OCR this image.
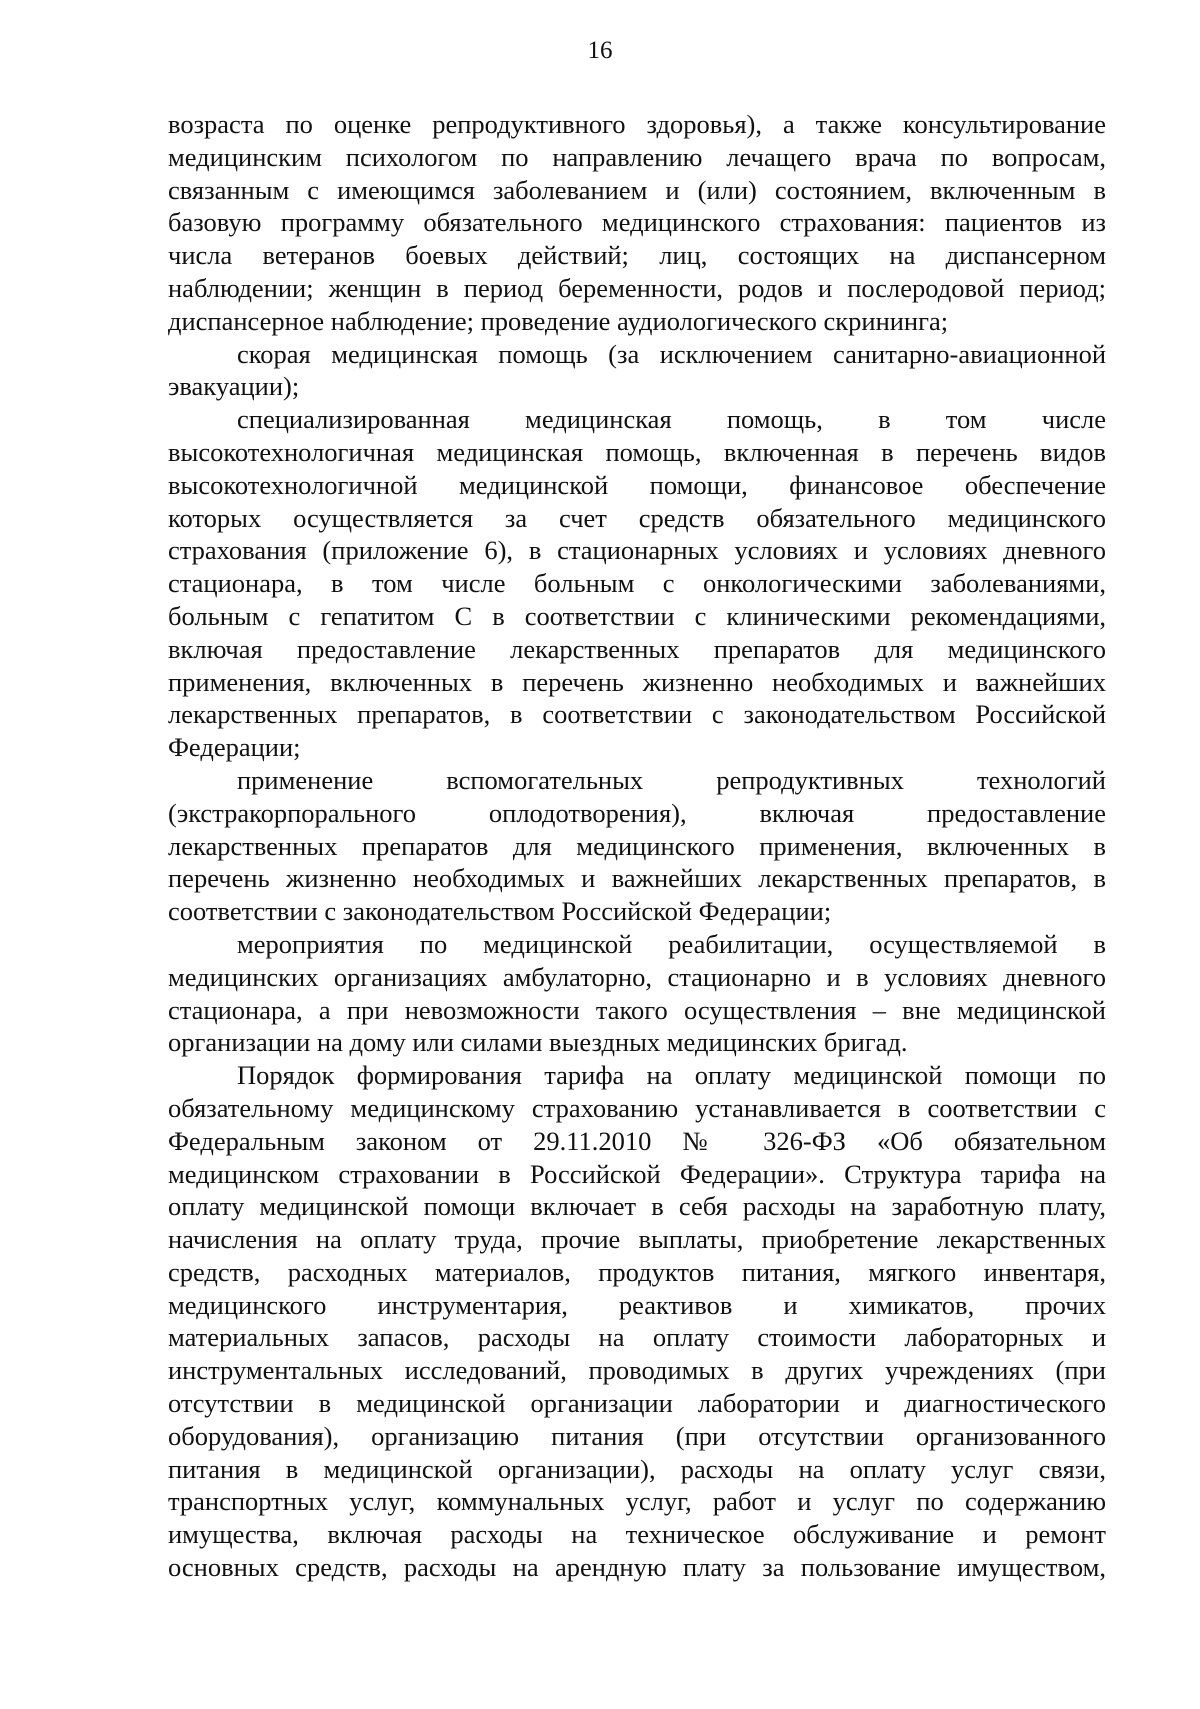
16
возраста по оценке репродуктивного здоровья), а также консультирование
медицинским психологом по направлению лечащего врача по вопросам,
связанным с имеющимся заболеванием и (или) состоянием, включенным в
базовую программу обязательного медицинского страхования: пациентов из
числа ветеранов боевых действий; лиц, состоящих на диспансерном
наблюдении; женщин в период беременности, родов и послеродовой период;
диспансерное наблюдение; проведение аудиологического скрининга;
скорая медицинская помощь (за исключением санитарно-авиационной
эвакуации);
специализированная медицинская помощь, в том числе
высокотехнологичная медицинская помощь, включенная в перечень видов
высокотехнологичной медицинской помощи, финансовое обеспечение
которых осуществляется за счет средств обязательного медицинского
страхования (приложение 6), в стационарных условиях и условиях дневного
стационара, в том числе больным с онкологическими заболеваниями,
больным с гепатитом С в соответствии с клиническими рекомендациями,
включая предоставление лекарственных препаратов для медицинского
применения, включенных в перечень жизненно необходимых и важнейших
лекарственных препаратов, в соответствии с законодательством Российской
Федерации;
применение вспомогательных репродуктивных технологий
(экстракорпорального оплодотворения), включая предоставление
лекарственных препаратов для медицинского применения, включенных в
перечень жизненно необходимых и важнейших лекарственных препаратов, в
соответствии с законодательством Российской Федерации;
мероприятия по медицинской реабилитации, осуществляемой в
медицинских организациях амбулаторно, стационарно и в условиях дневного
стационара, а при невозможности такого осуществления – вне медицинской
организации на дому или силами выездных медицинских бригад.
Порядок формирования тарифа на оплату медицинской помощи по
обязательному медицинскому страхованию устанавливается в соответствии с
Федеральным законом от 29.11.2010 № 326-ФЗ «Об обязательном
медицинском страховании в Российской Федерации». Структура тарифа на
оплату медицинской помощи включает в себя расходы на заработную плату,
начисления на оплату труда, прочие выплаты, приобретение лекарственных
средств, расходных материалов, продуктов питания, мягкого инвентаря,
медицинского инструментария, реактивов и химикатов, прочих
материальных запасов, расходы на оплату стоимости лабораторных и
инструментальных исследований, проводимых в других учреждениях (при
отсутствии в медицинской организации лаборатории и диагностического
оборудования), организацию питания (при отсутствии организованного
питания в медицинской организации), расходы на оплату услуг связи,
транспортных услуг, коммунальных услуг, работ и услуг по содержанию
имущества, включая расходы на техническое обслуживание и ремонт
основных средств, расходы на арендную плату за пользование имуществом,
